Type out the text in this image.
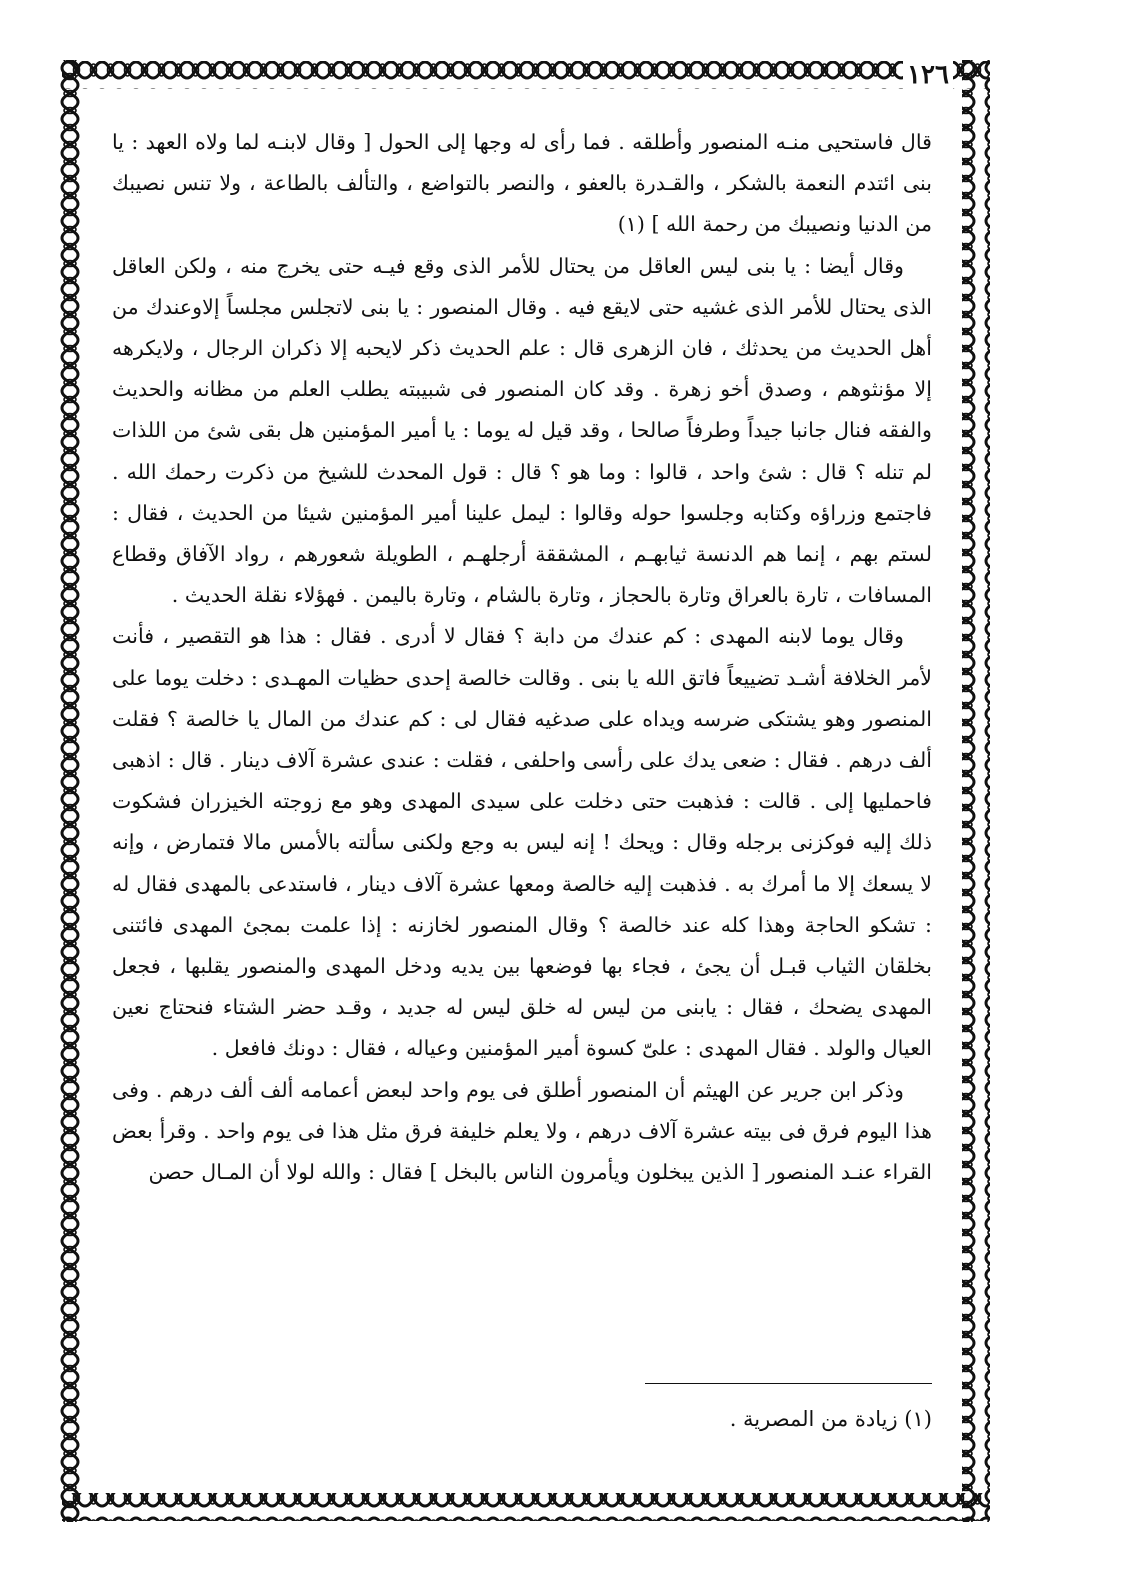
١٢٦

قال فاستحيى منـه المنصور وأطلقه . فما رأى له وجها إلى الحول [ وقال لابنـه لما ولاه العهد : يا بنى ائتدم النعمة بالشكر ، والقـدرة بالعفو ، والنصر بالتواضع ، والتألف بالطاعة ، ولا تنس نصيبك من الدنيا ونصيبك من رحمة الله ] (١)

وقال أيضا : يا بنى ليس العاقل من يحتال للأمر الذى وقع فيـه حتى يخرج منه ، ولكن العاقل الذى يحتال للأمر الذى غشيه حتى لايقع فيه . وقال المنصور : يا بنى لاتجلس مجلساً إلاوعندك من أهل الحديث من يحدثك ، فان الزهرى قال : علم الحديث ذكر لايحبه إلا ذكران الرجال ، ولايكرهه إلا مؤنثوهم ، وصدق أخو زهرة . وقد كان المنصور فى شبيبته يطلب العلم من مظانه والحديث والفقه فنال جانبا جيداً وطرفاً صالحا ، وقد قيل له يوما : يا أمير المؤمنين هل بقى شئ من اللذات لم تنله ؟ قال : شئ واحد ، قالوا : وما هو ؟ قال : قول المحدث للشيخ من ذكرت رحمك الله . فاجتمع وزراؤه وكتابه وجلسوا حوله وقالوا : ليمل علينا أمير المؤمنين شيئا من الحديث ، فقال : لستم بهم ، إنما هم الدنسة ثيابهـم ، المشققة أرجلهـم ، الطويلة شعورهم ، رواد الآفاق وقطاع المسافات ، تارة بالعراق وتارة بالحجاز ، وتارة بالشام ، وتارة باليمن . فهؤلاء نقلة الحديث .

وقال يوما لابنه المهدى : كم عندك من دابة ؟ فقال لا أدرى . فقال : هذا هو التقصير ، فأنت لأمر الخلافة أشـد تضييعاً فاتق الله يا بنى . وقالت خالصة إحدى حظيات المهـدى : دخلت يوما على المنصور وهو يشتكى ضرسه ويداه على صدغيه فقال لى : كم عندك من المال يا خالصة ؟ فقلت ألف درهم . فقال : ضعى يدك على رأسى واحلفى ، فقلت : عندى عشرة آلاف دينار . قال : اذهبى فاحمليها إلى . قالت : فذهبت حتى دخلت على سيدى المهدى وهو مع زوجته الخيزران فشكوت ذلك إليه فوكزنى برجله وقال : ويحك ! إنه ليس به وجع ولكنى سألته بالأمس مالا فتمارض ، وإنه لا يسعك إلا ما أمرك به . فذهبت إليه خالصة ومعها عشرة آلاف دينار ، فاستدعى بالمهدى فقال له : تشكو الحاجة وهذا كله عند خالصة ؟ وقال المنصور لخازنه : إذا علمت بمجئ المهدى فائتنى بخلقان الثياب قبـل أن يجئ ، فجاء بها فوضعها بين يديه ودخل المهدى والمنصور يقلبها ، فجعل المهدى يضحك ، فقال : يابنى من ليس له خلق ليس له جديد ، وقـد حضر الشتاء فنحتاج نعين العيال والولد . فقال المهدى : علىّ كسوة أمير المؤمنين وعياله ، فقال : دونك فافعل .

وذكر ابن جرير عن الهيثم أن المنصور أطلق فى يوم واحد لبعض أعمامه ألف ألف درهم . وفى هذا اليوم فرق فى بيته عشرة آلاف درهم ، ولا يعلم خليفة فرق مثل هذا فى يوم واحد . وقرأ بعض القراء عنـد المنصور [ الذين يبخلون ويأمرون الناس بالبخل ] فقال : والله لولا أن المـال حصن

(١) زيادة من المصرية .
